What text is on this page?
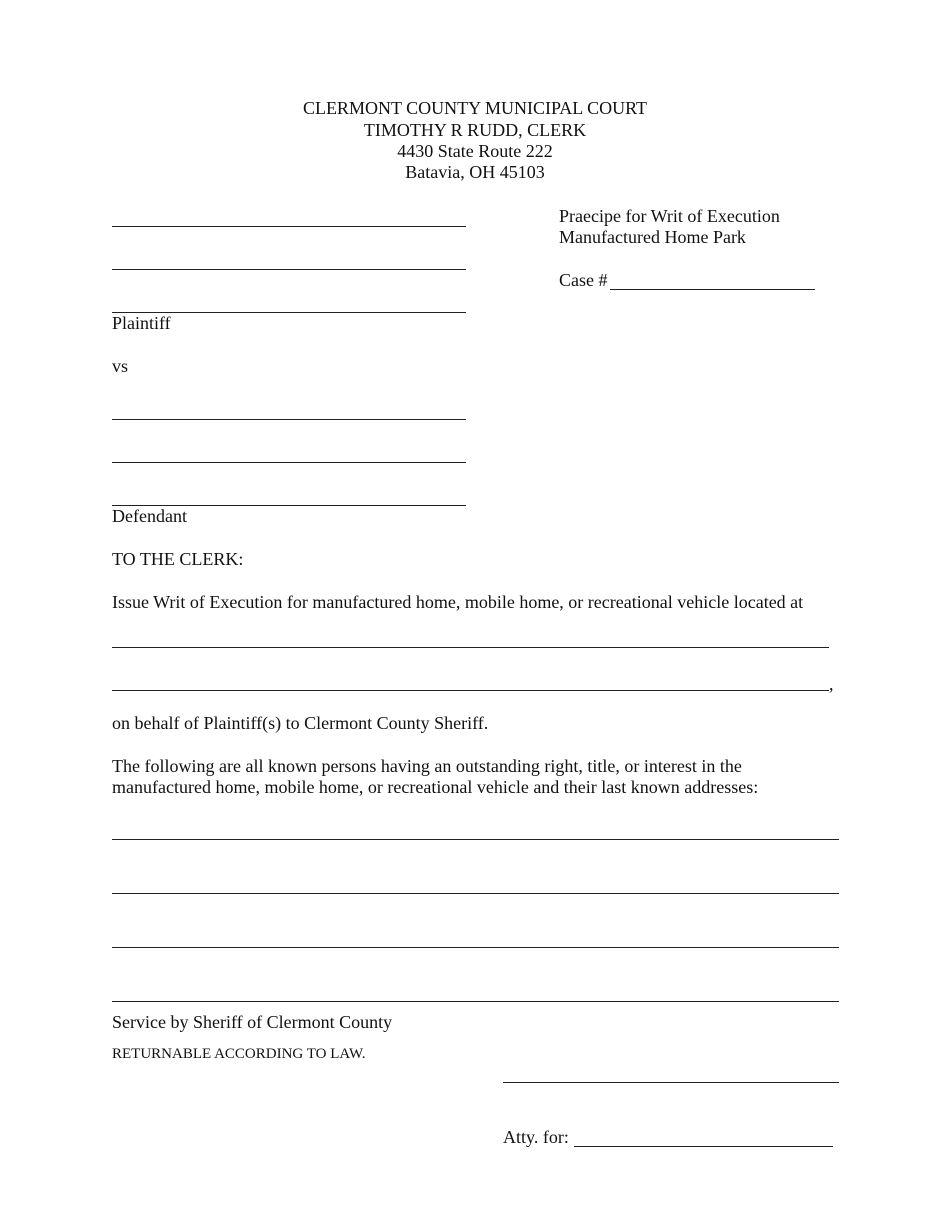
CLERMONT COUNTY MUNICIPAL COURT
TIMOTHY R RUDD, CLERK
4430 State Route 222
Batavia, OH 45103
Praecipe for Writ of Execution
Manufactured Home Park
Case #
Plaintiff
vs
Defendant
TO THE CLERK:
Issue Writ of Execution for manufactured home, mobile home, or recreational vehicle located at
,
on behalf of Plaintiff(s) to Clermont County Sheriff.
The following are all known persons having an outstanding right, title, or interest in the
manufactured home, mobile home, or recreational vehicle and their last known addresses:
Service by Sheriff of Clermont County
RETURNABLE ACCORDING TO LAW.
Atty. for:
